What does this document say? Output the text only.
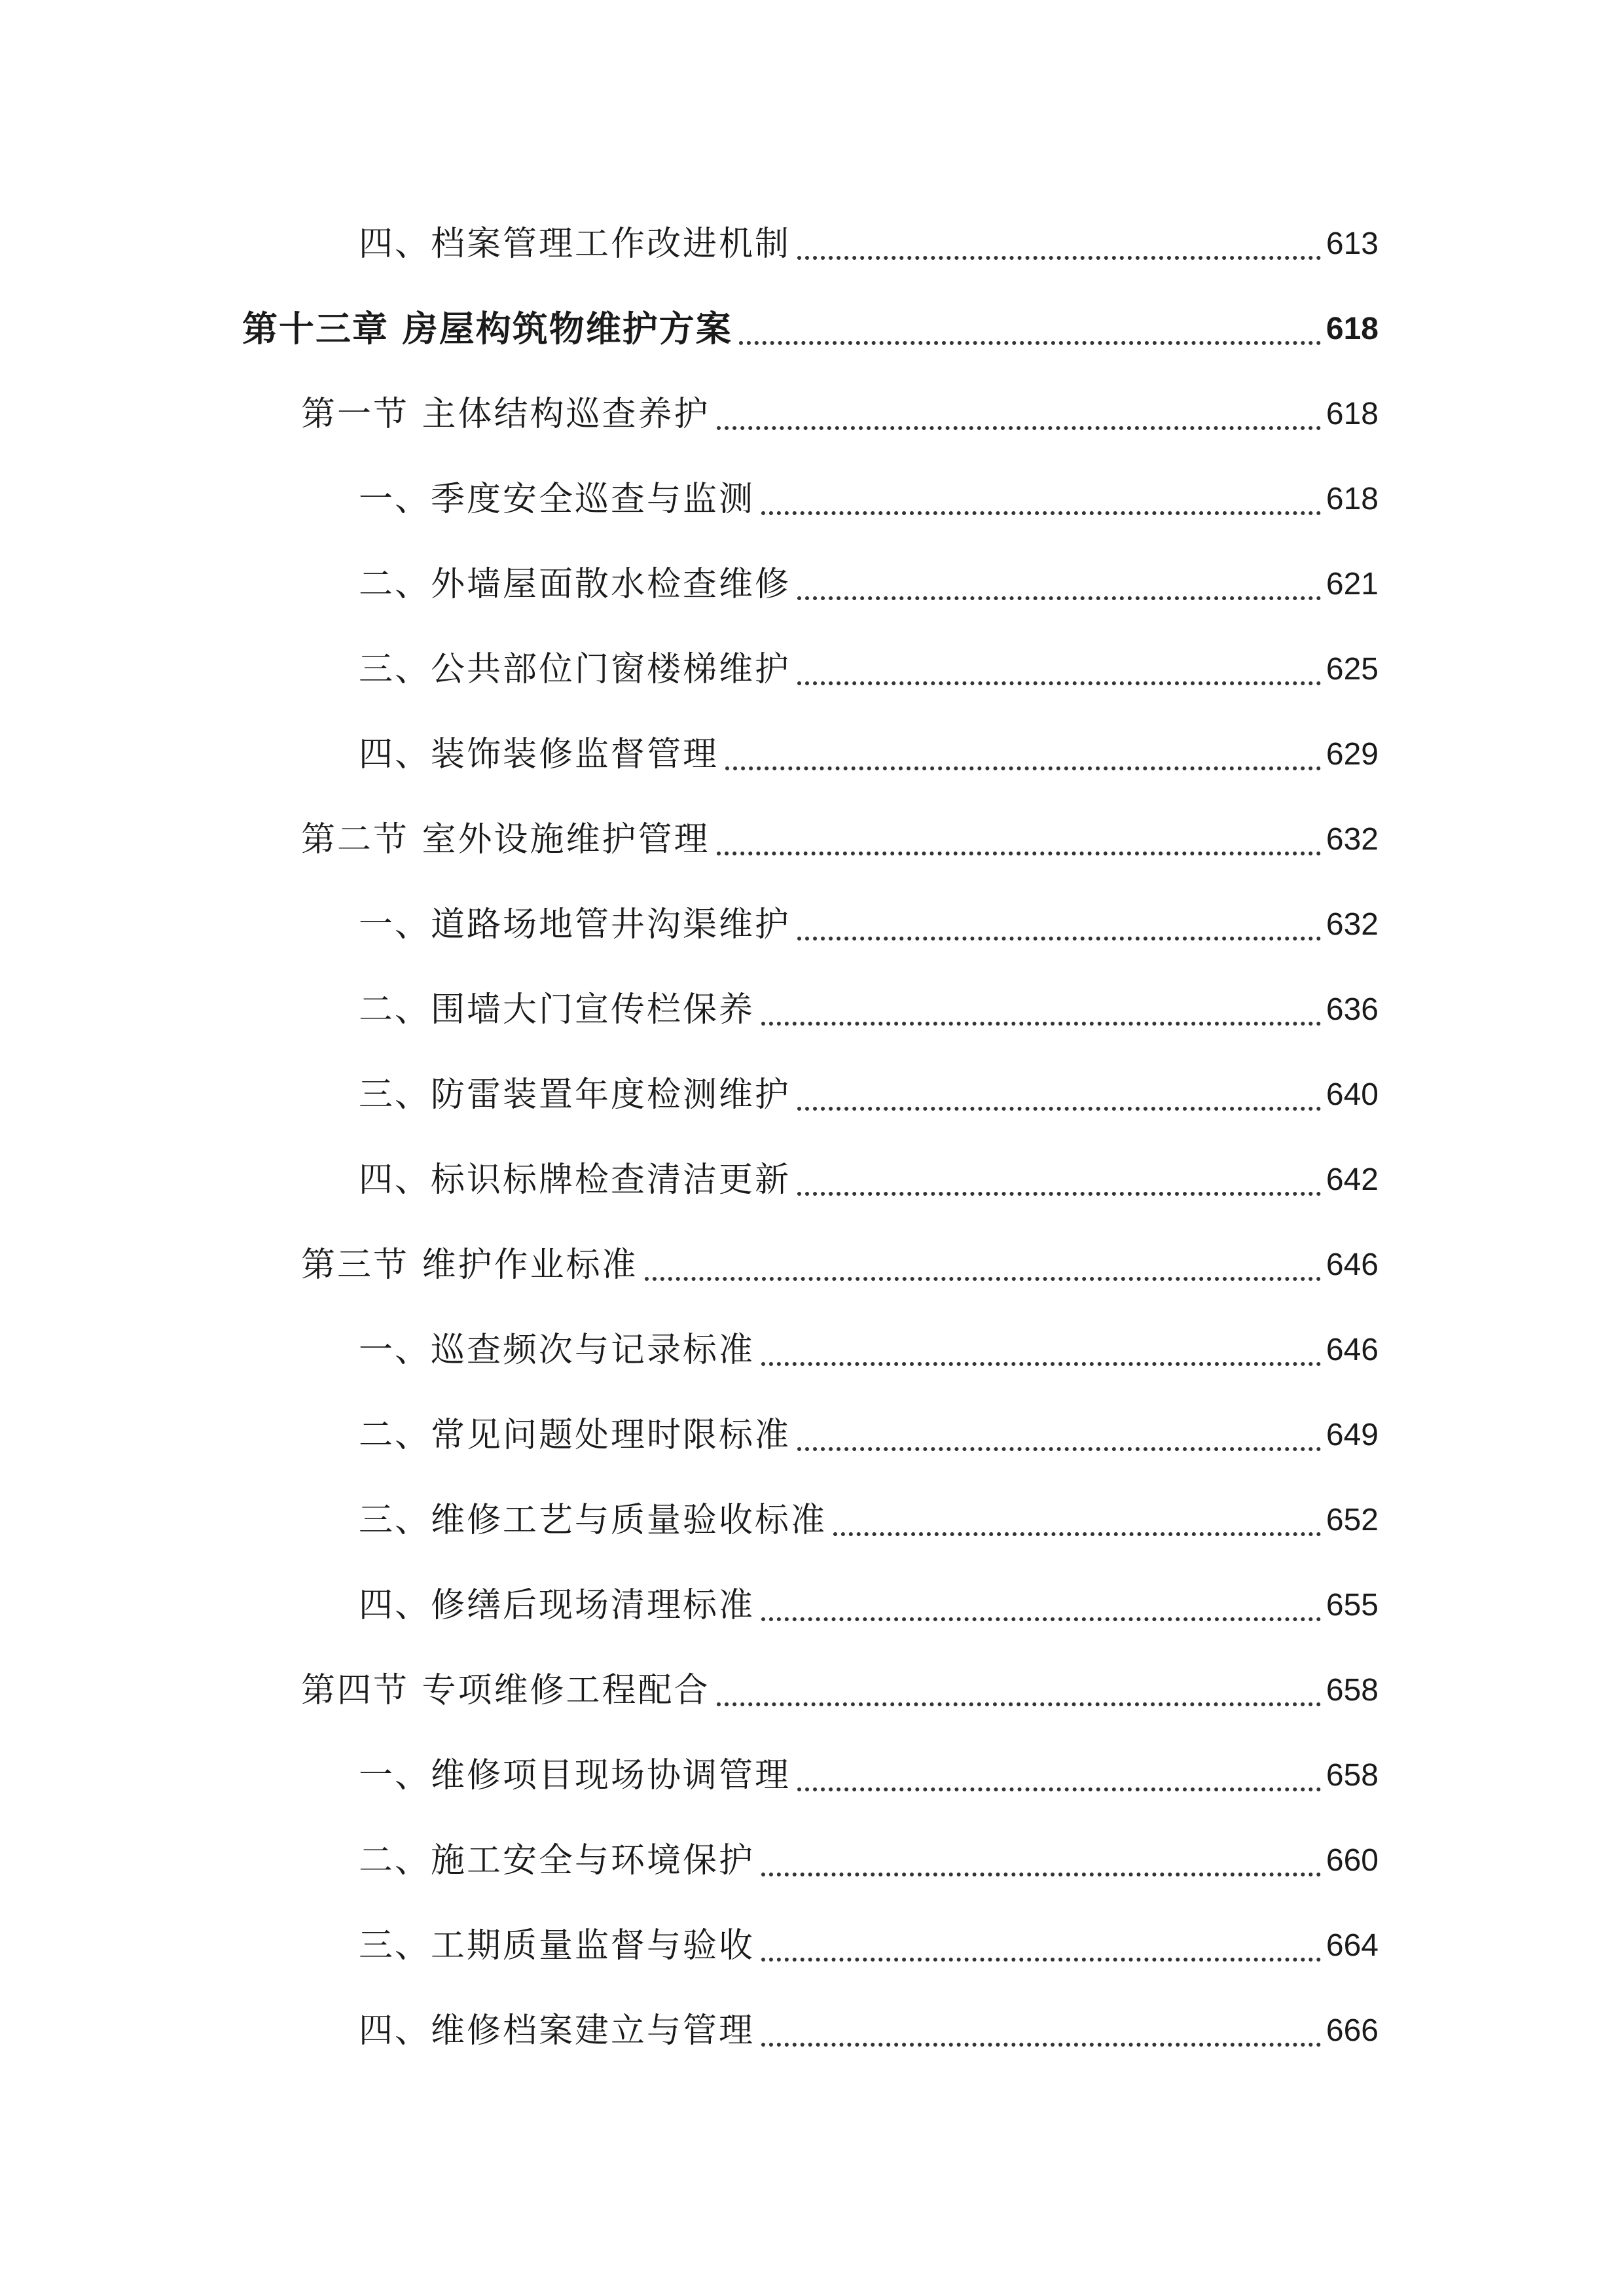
四、档案管理工作改进机制	613
第十三章 房屋构筑物维护方案	618
第一节 主体结构巡查养护	618
一、季度安全巡查与监测	618
二、外墙屋面散水检查维修	621
三、公共部位门窗楼梯维护	625
四、装饰装修监督管理	629
第二节 室外设施维护管理	632
一、道路场地管井沟渠维护	632
二、围墙大门宣传栏保养	636
三、防雷装置年度检测维护	640
四、标识标牌检查清洁更新	642
第三节 维护作业标准	646
一、巡查频次与记录标准	646
二、常见问题处理时限标准	649
三、维修工艺与质量验收标准	652
四、修缮后现场清理标准	655
第四节 专项维修工程配合	658
一、维修项目现场协调管理	658
二、施工安全与环境保护	660
三、工期质量监督与验收	664
四、维修档案建立与管理	666
